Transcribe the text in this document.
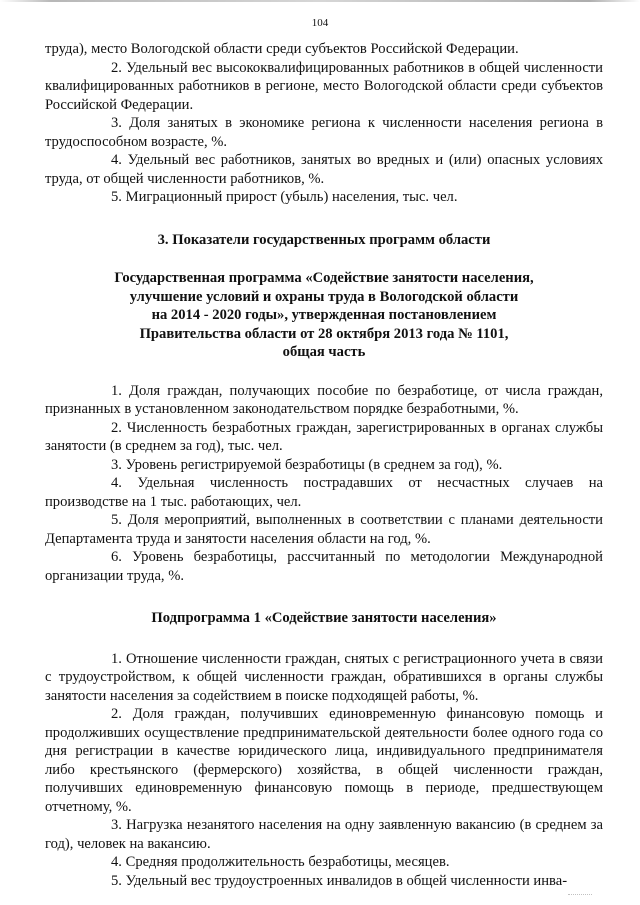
104

труда), место Вологодской области среди субъектов Российской Федерации.

2. Удельный вес высококвалифицированных работников в общей численности квалифицированных работников в регионе, место Вологодской области среди субъектов Российской Федерации.

3. Доля занятых в экономике региона к численности населения региона в трудоспособном возрасте, %.

4. Удельный вес работников, занятых во вредных и (или) опасных условиях труда, от общей численности работников, %.

5. Миграционный прирост (убыль) населения, тыс. чел.

3. Показатели государственных программ области

Государственная программа «Содействие занятости населения,
улучшение условий и охраны труда в Вологодской области
на 2014 - 2020 годы», утвержденная постановлением
Правительства области от 28 октября 2013 года № 1101,
общая часть

1. Доля граждан, получающих пособие по безработице, от числа граждан, признанных в установленном законодательством порядке безработными, %.

2. Численность безработных граждан, зарегистрированных в органах службы занятости (в среднем за год), тыс. чел.

3. Уровень регистрируемой безработицы (в среднем за год), %.

4. Удельная численность пострадавших от несчастных случаев на производстве на 1 тыс. работающих, чел.

5. Доля мероприятий, выполненных в соответствии с планами деятельности Департамента труда и занятости населения области на год, %.

6. Уровень безработицы, рассчитанный по методологии Международной организации труда, %.

Подпрограмма 1 «Содействие занятости населения»

1. Отношение численности граждан, снятых с регистрационного учета в связи с трудоустройством, к общей численности граждан, обратившихся в органы службы занятости населения за содействием в поиске подходящей работы, %.

2. Доля граждан, получивших единовременную финансовую помощь и продолживших осуществление предпринимательской деятельности более одного года со дня регистрации в качестве юридического лица, индивидуального предпринимателя либо крестьянского (фермерского) хозяйства, в общей численности граждан, получивших единовременную финансовую помощь в периоде, предшествующем отчетному, %.

3. Нагрузка незанятого населения на одну заявленную вакансию (в среднем за год), человек на вакансию.

4. Средняя продолжительность безработицы, месяцев.

5. Удельный вес трудоустроенных инвалидов в общей численности инва-
